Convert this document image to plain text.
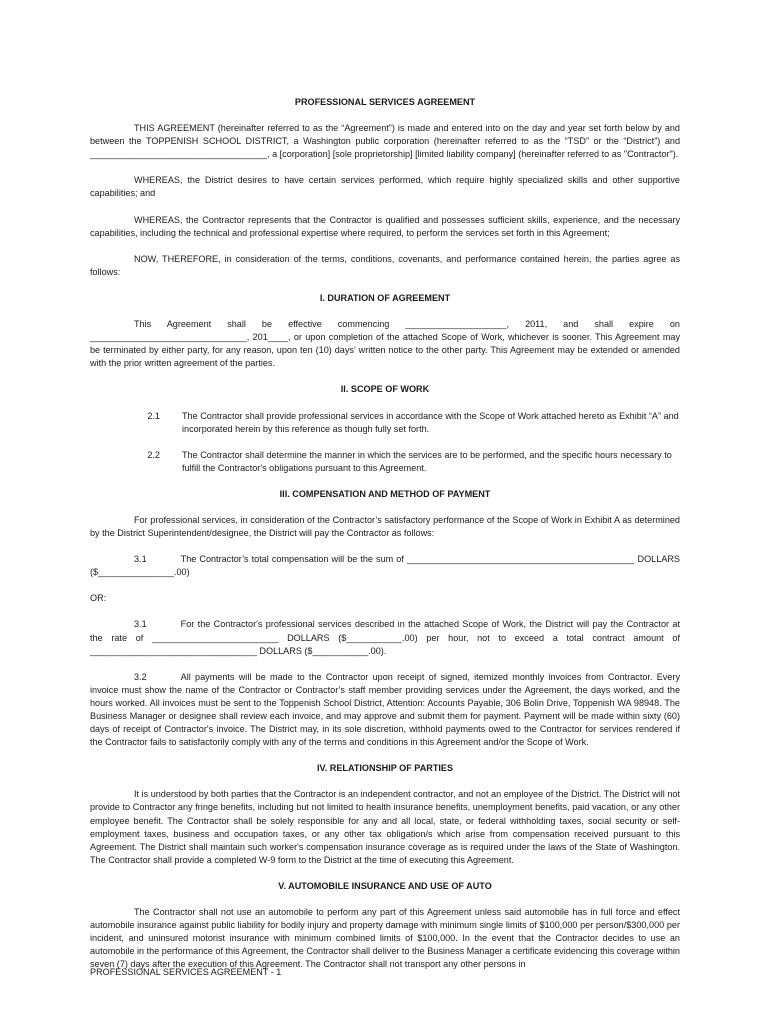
PROFESSIONAL SERVICES AGREEMENT

THIS AGREEMENT (hereinafter referred to as the “Agreement”) is made and entered into on the day and year set forth below by and between the TOPPENISH SCHOOL DISTRICT, a Washington public corporation (hereinafter referred to as the “TSD” or the “District”) and ___________________________________, a [corporation] [sole proprietorship] [limited liability company] (hereinafter referred to as "Contractor").

WHEREAS, the District desires to have certain services performed, which require highly specialized skills and other supportive capabilities; and

WHEREAS, the Contractor represents that the Contractor is qualified and possesses sufficient skills, experience, and the necessary capabilities, including the technical and professional expertise where required, to perform the services set forth in this Agreement;

NOW, THEREFORE, in consideration of the terms, conditions, covenants, and performance contained herein, the parties agree as follows:

I. DURATION OF AGREEMENT

This Agreement shall be effective commencing ____________________, 2011, and shall expire on _______________________________, 201____, or upon completion of the attached Scope of Work, whichever is sooner. This Agreement may be terminated by either party, for any reason, upon ten (10) days' written notice to the other party. This Agreement may be extended or amended with the prior written agreement of the parties.

II. SCOPE OF WORK

2.1	The Contractor shall provide professional services in accordance with the Scope of Work attached hereto as Exhibit “A” and incorporated herein by this reference as though fully set forth.
2.2	The Contractor shall determine the manner in which the services are to be performed, and the specific hours necessary to fulfill the Contractor's obligations pursuant to this Agreement.

III. COMPENSATION AND METHOD OF PAYMENT

For professional services, in consideration of the Contractor’s satisfactory performance of the Scope of Work in Exhibit A as determined by the District Superintendent/designee, the District will pay the Contractor as follows:

3.1	The Contractor’s total compensation will be the sum of _____________________________________________ DOLLARS ($_______________.00)

OR:

3.1	For the Contractor's professional services described in the attached Scope of Work, the District will pay the Contractor at the rate of _________________________ DOLLARS ($___________.00) per hour, not to exceed a total contract amount of _________________________________ DOLLARS ($___________.00).

3.2	All payments will be made to the Contractor upon receipt of signed, itemized monthly invoices from Contractor. Every invoice must show the name of the Contractor or Contractor’s staff member providing services under the Agreement, the days worked, and the hours worked. All invoices must be sent to the Toppenish School District, Attention: Accounts Payable, 306 Bolin Drive, Toppenish WA 98948. The Business Manager or designee shall review each invoice, and may approve and submit them for payment. Payment will be made within sixty (60) days of receipt of Contractor's invoice. The District may, in its sole discretion, withhold payments owed to the Contractor for services rendered if the Contractor fails to satisfactorily comply with any of the terms and conditions in this Agreement and/or the Scope of Work.

IV. RELATIONSHIP OF PARTIES

It is understood by both parties that the Contractor is an independent contractor, and not an employee of the District. The District will not provide to Contractor any fringe benefits, including but not limited to health insurance benefits, unemployment benefits, paid vacation, or any other employee benefit. The Contractor shall be solely responsible for any and all local, state, or federal withholding taxes, social security or self-employment taxes, business and occupation taxes, or any other tax obligation/s which arise from compensation received pursuant to this Agreement. The District shall maintain such worker's compensation insurance coverage as is required under the laws of the State of Washington. The Contractor shall provide a completed W-9 form to the District at the time of executing this Agreement.

V. AUTOMOBILE INSURANCE AND USE OF AUTO

The Contractor shall not use an automobile to perform any part of this Agreement unless said automobile has in full force and effect automobile insurance against public liability for bodily injury and property damage with minimum single limits of $100,000 per person/$300,000 per incident, and uninsured motorist insurance with minimum combined limits of $100,000. In the event that the Contractor decides to use an automobile in the performance of this Agreement, the Contractor shall deliver to the Business Manager a certificate evidencing this coverage within seven (7) days after the execution of this Agreement. The Contractor shall not transport any other persons in

PROFESSIONAL SERVICES AGREEMENT - 1
